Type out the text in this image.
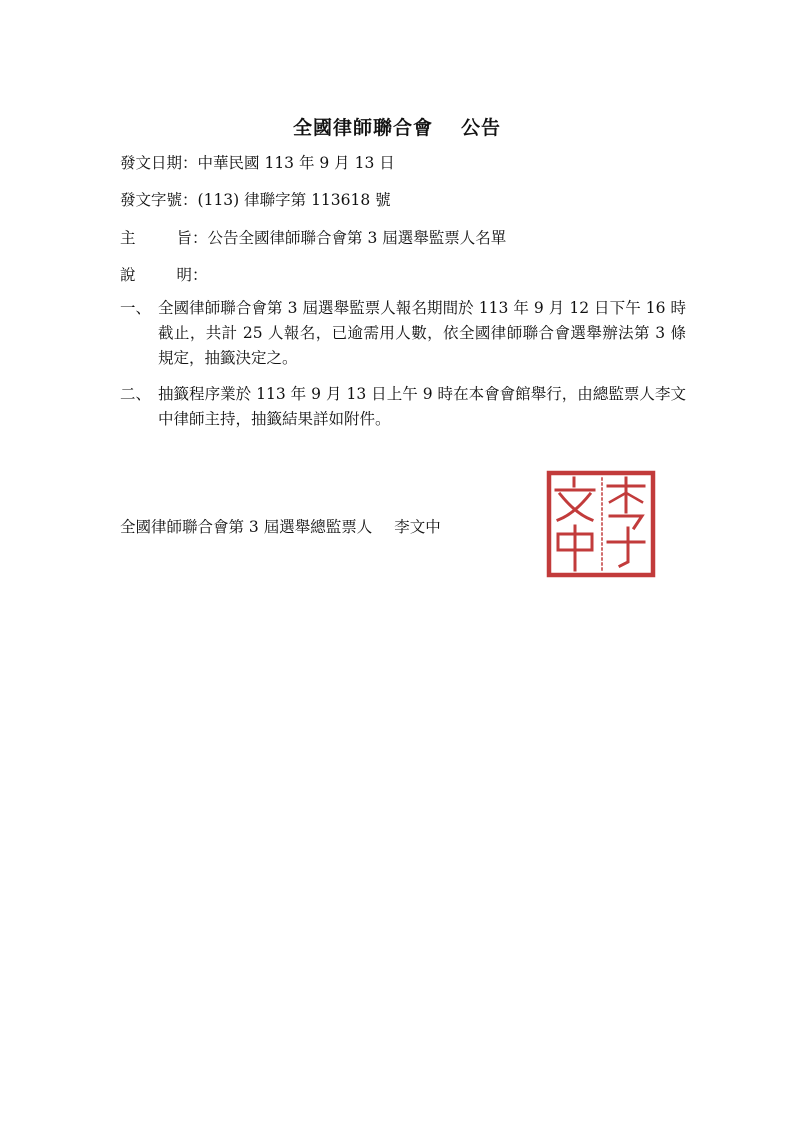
全國律師聯合會 公告
發文日期：中華民國 113 年 9 月 13 日
發文字號：(113) 律聯字第 113618 號
主　　旨：公告全國律師聯合會第 3 屆選舉監票人名單
說　　明：
一、 全國律師聯合會第 3 屆選舉監票人報名期間於 113 年 9 月 12 日下午 16 時截止，共計 25 人報名，已逾需用人數，依全國律師聯合會選舉辦法第 3 條規定，抽籤決定之。
二、 抽籤程序業於 113 年 9 月 13 日上午 9 時在本會會館舉行，由總監票人李文中律師主持，抽籤結果詳如附件。
全國律師聯合會第 3 屆選舉總監票人 李文中
